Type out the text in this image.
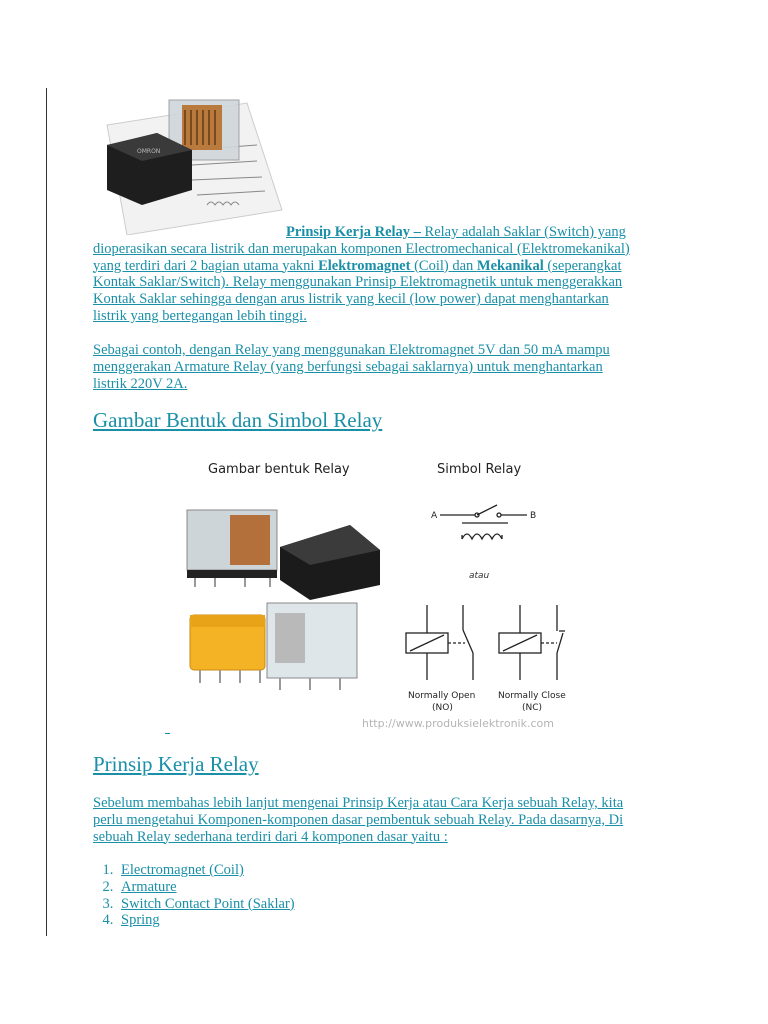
OMRON

Prinsip Kerja Relay – Relay adalah Saklar (Switch) yang

dioperasikan secara listrik dan merupakan komponen Electromechanical (Elektromekanikal)

yang terdiri dari 2 bagian utama yakni Elektromagnet (Coil) dan Mekanikal (seperangkat

Kontak Saklar/Switch). Relay menggunakan Prinsip Elektromagnetik untuk menggerakkan

Kontak Saklar sehingga dengan arus listrik yang kecil (low power) dapat menghantarkan

listrik yang bertegangan lebih tinggi.

Sebagai contoh, dengan Relay yang menggunakan Elektromagnet 5V dan 50 mA mampu

menggerakan Armature Relay (yang berfungsi sebagai saklarnya) untuk menghantarkan

listrik 220V 2A.

Gambar Bentuk dan Simbol Relay
Gambar bentuk Relay	Simbol Relay
A	B
atau
Normally Open
(NO)
Normally Close
(NC)
http://www.produksielektronik.com
Prinsip Kerja Relay

Sebelum membahas lebih lanjut mengenai Prinsip Kerja atau Cara Kerja sebuah Relay, kita

perlu mengetahui Komponen-komponen dasar pembentuk sebuah Relay. Pada dasarnya, Di

sebuah Relay sederhana terdiri dari 4 komponen dasar yaitu :

1. Electromagnet (Coil)
2. Armature
3. Switch Contact Point (Saklar)
4. Spring
